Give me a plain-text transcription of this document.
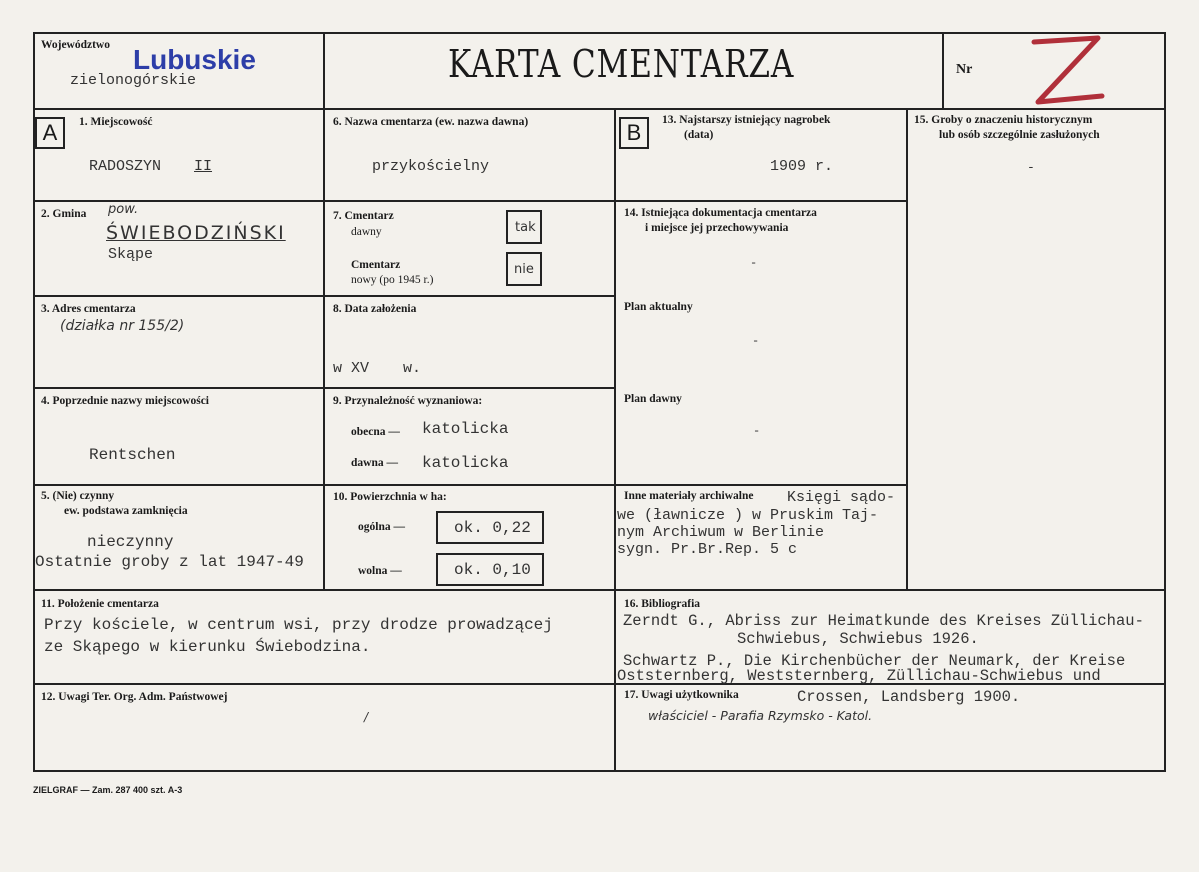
Województwo Lubuskie
zielonogórskie	KARTA CMENTARZA	Nr
A	B
1. Miejscowość
RADOSZYN II
2. Gmina pow.
ŚWIEBODZIŃSKI
Skąpe
3. Adres cmentarza
(działka nr 155/2)
4. Poprzednie nazwy miejscowości
Rentschen
5. (Nie) czynny
ew. podstawa zamknięcia
nieczynny
Ostatnie groby z lat 1947-49
6. Nazwa cmentarza (ew. nazwa dawna)
przykościelny
7. Cmentarz
dawny	tak
Cmentarz
nowy (po 1945 r.)
nie
8. Data założenia
w XV w.
9. Przynależność wyznaniowa:
obecna — katolicka
dawna — katolicka
10. Powierzchnia w ha:
ogólna —	ok. 0,22
wolna —	ok. 0,10
11. Położenie cmentarza
Przy kościele, w centrum wsi, przy drodze prowadzącej
ze Skąpego w kierunku Świebodzina.
12. Uwagi Ter. Org. Adm. Państwowej
/
13. Najstarszy istniejący nagrobek
(data)
1909 r.
14. Istniejąca dokumentacja cmentarza
i miejsce jej przechowywania
-
Plan aktualny
-
Plan dawny
-
Inne materiały archiwalne Księgi sądo-
we (ławnicze ) w Pruskim Taj-
nym Archiwum w Berlinie
sygn. Pr.Br.Rep. 5 c
15. Groby o znaczeniu historycznym
lub osób szczególnie zasłużonych
-
16. Bibliografia
Zerndt G., Abriss zur Heimatkunde des Kreises Züllichau-
Schwiebus, Schwiebus 1926.
Schwartz P., Die Kirchenbücher der Neumark, der Kreise
Oststernberg, Weststernberg, Züllichau-Schwiebus und
Crossen, Landsberg 1900.
17. Uwagi użytkownika
właściciel - Parafia Rzymsko - Katol.
ZIELGRAF — Zam. 287 400 szt. A-3
